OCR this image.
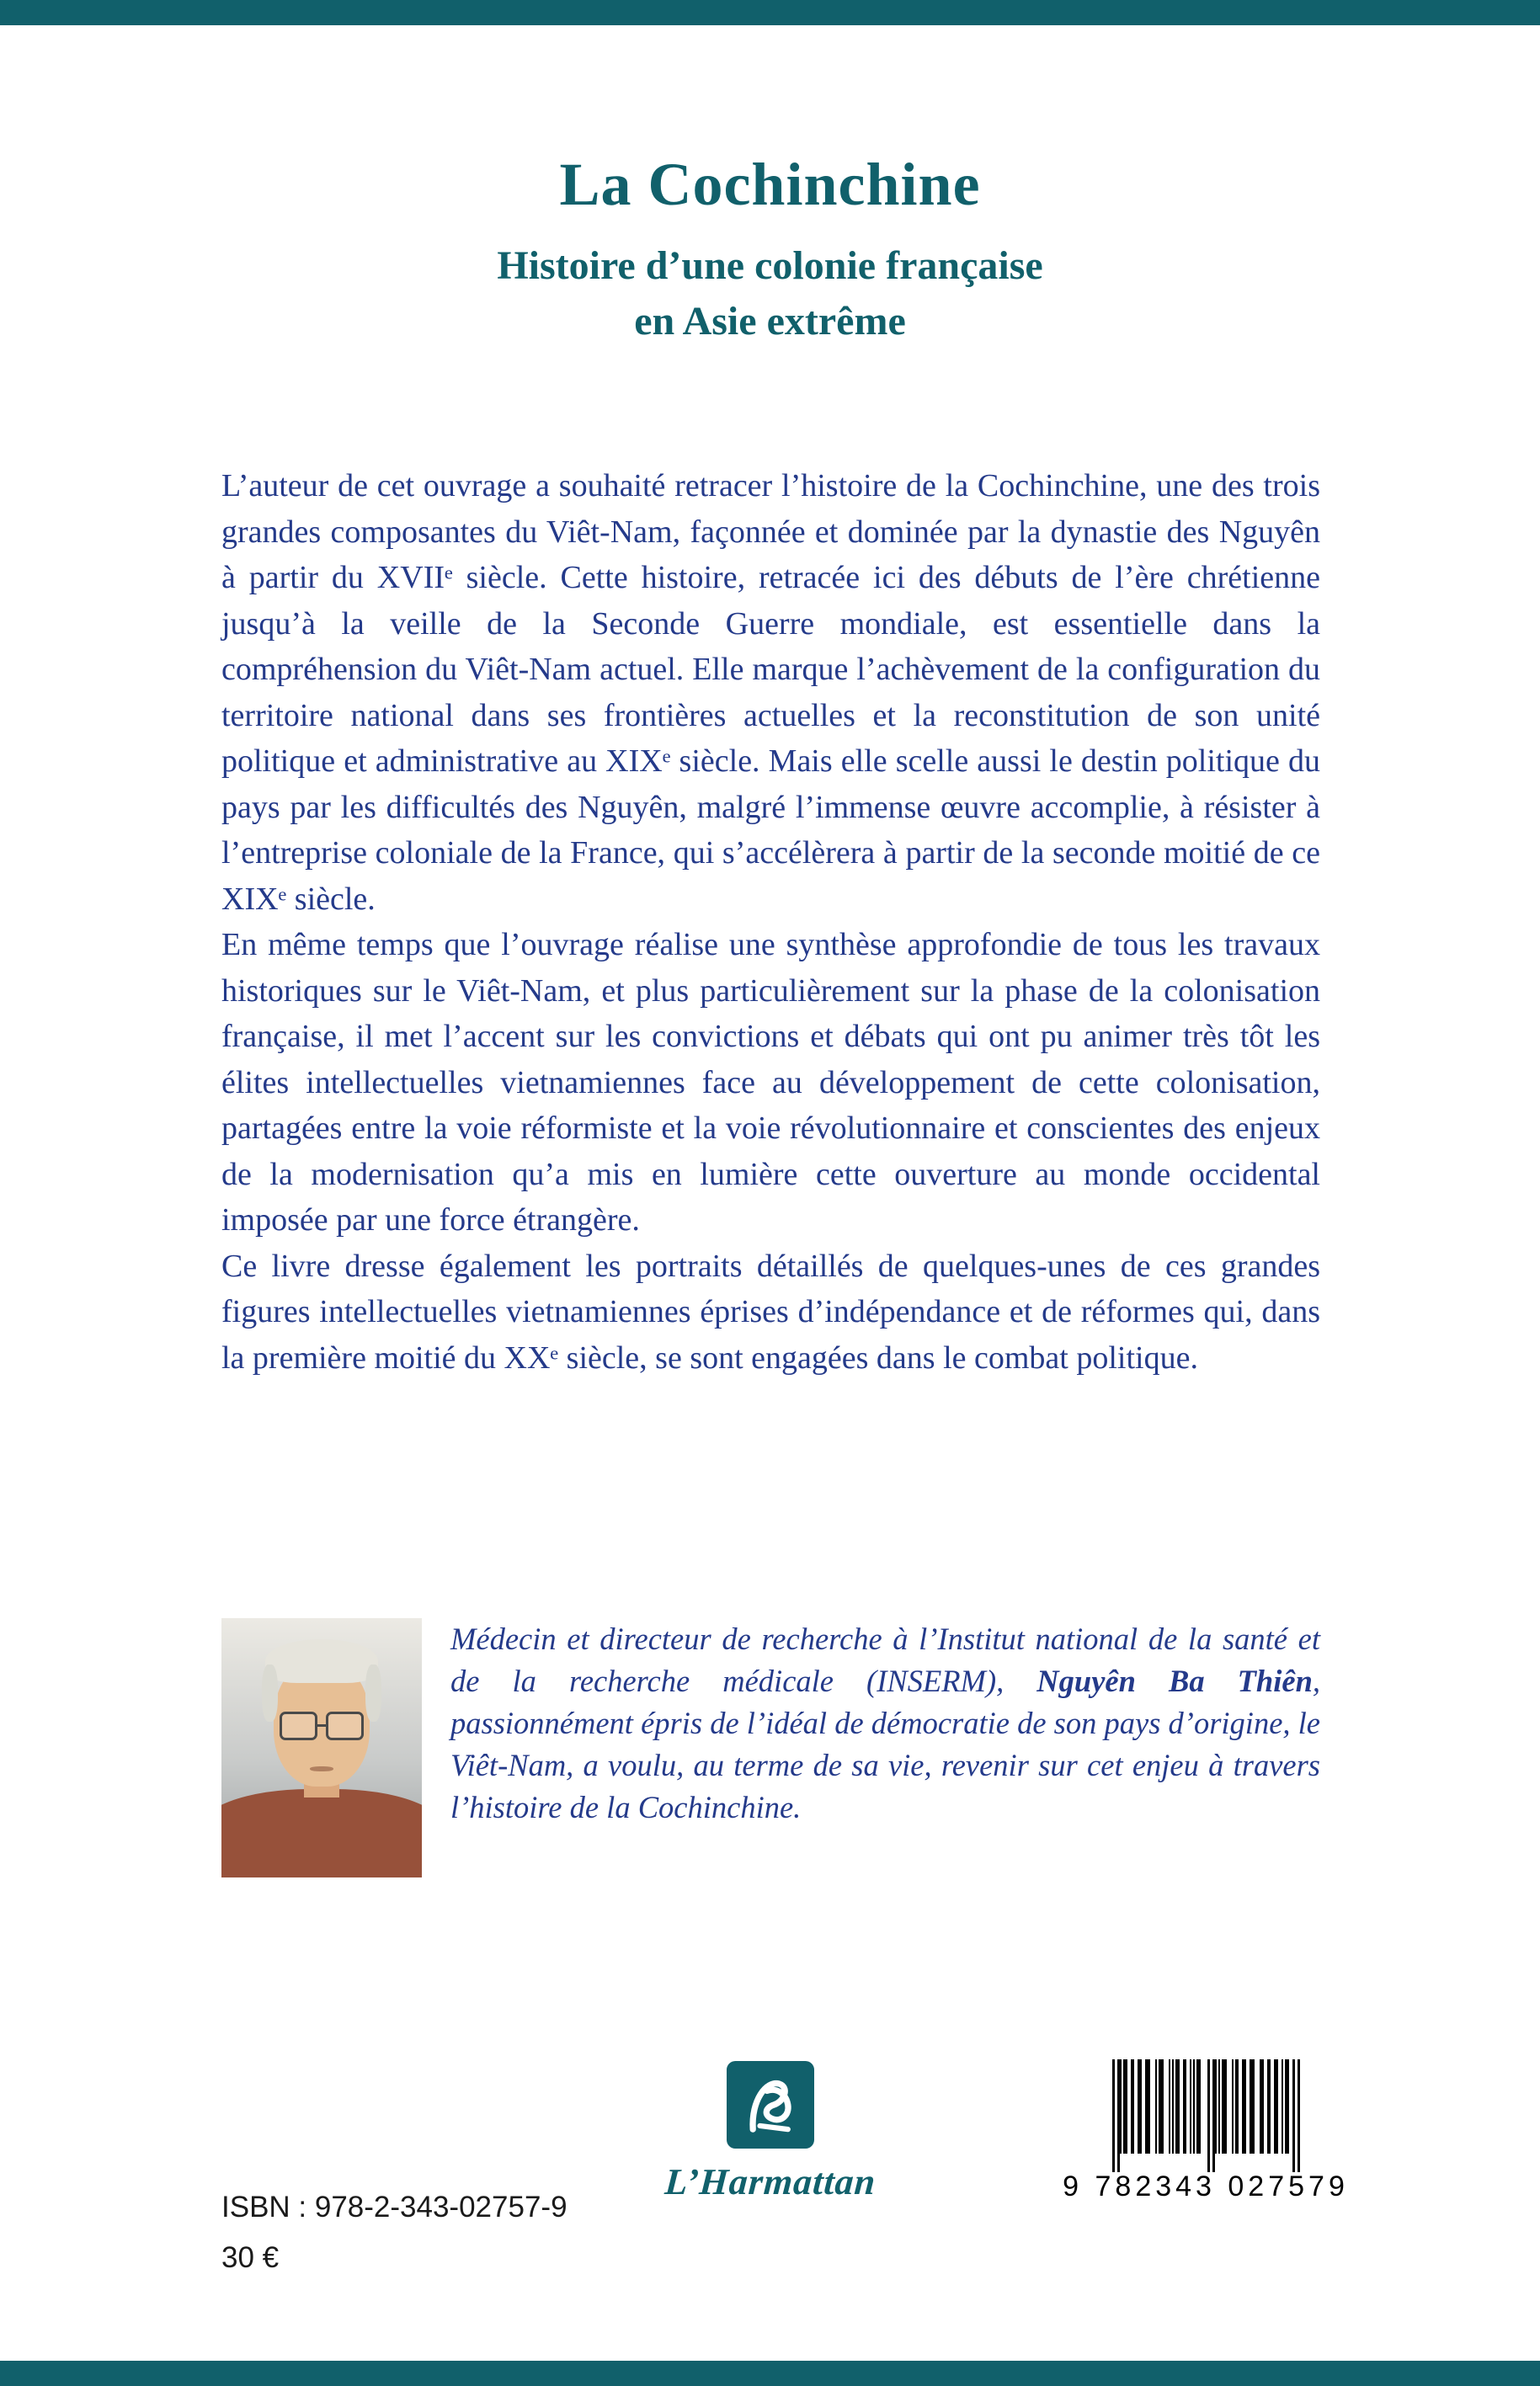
La Cochinchine
Histoire d’une colonie française
en Asie extrême

L’auteur de cet ouvrage a souhaité retracer l’histoire de la Cochinchine, une des trois grandes composantes du Viêt-Nam, façonnée et dominée par la dynastie des Nguyên à partir du XVIIᵉ siècle. Cette histoire, retracée ici des débuts de l’ère chrétienne jusqu’à la veille de la Seconde Guerre mondiale, est essentielle dans la compréhension du Viêt-Nam actuel. Elle marque l’achèvement de la configuration du territoire national dans ses frontières actuelles et la reconstitution de son unité politique et administrative au XIXᵉ siècle. Mais elle scelle aussi le destin politique du pays par les difficultés des Nguyên, malgré l’immense œuvre accomplie, à résister à l’entreprise coloniale de la France, qui s’accélèrera à partir de la seconde moitié de ce XIXᵉ siècle.

En même temps que l’ouvrage réalise une synthèse approfondie de tous les travaux historiques sur le Viêt-Nam, et plus particulièrement sur la phase de la colonisation française, il met l’accent sur les convictions et débats qui ont pu animer très tôt les élites intellectuelles vietnamiennes face au développement de cette colonisation, partagées entre la voie réformiste et la voie révolutionnaire et conscientes des enjeux de la modernisation qu’a mis en lumière cette ouverture au monde occidental imposée par une force étrangère.

Ce livre dresse également les portraits détaillés de quelques-unes de ces grandes figures intellectuelles vietnamiennes éprises d’indépendance et de réformes qui, dans la première moitié du XXᵉ siècle, se sont engagées dans le combat politique.

Médecin et directeur de recherche à l’Institut national de la santé et de la recherche médicale (INSERM), Nguyên Ba Thiên, passionnément épris de l’idéal de démocratie de son pays d’origine, le Viêt-Nam, a voulu, au terme de sa vie, revenir sur cet enjeu à travers l’histoire de la Cochinchine.

ISBN : 978-2-343-02757-9
30 €
L’Harmattan	9 782343 027579
